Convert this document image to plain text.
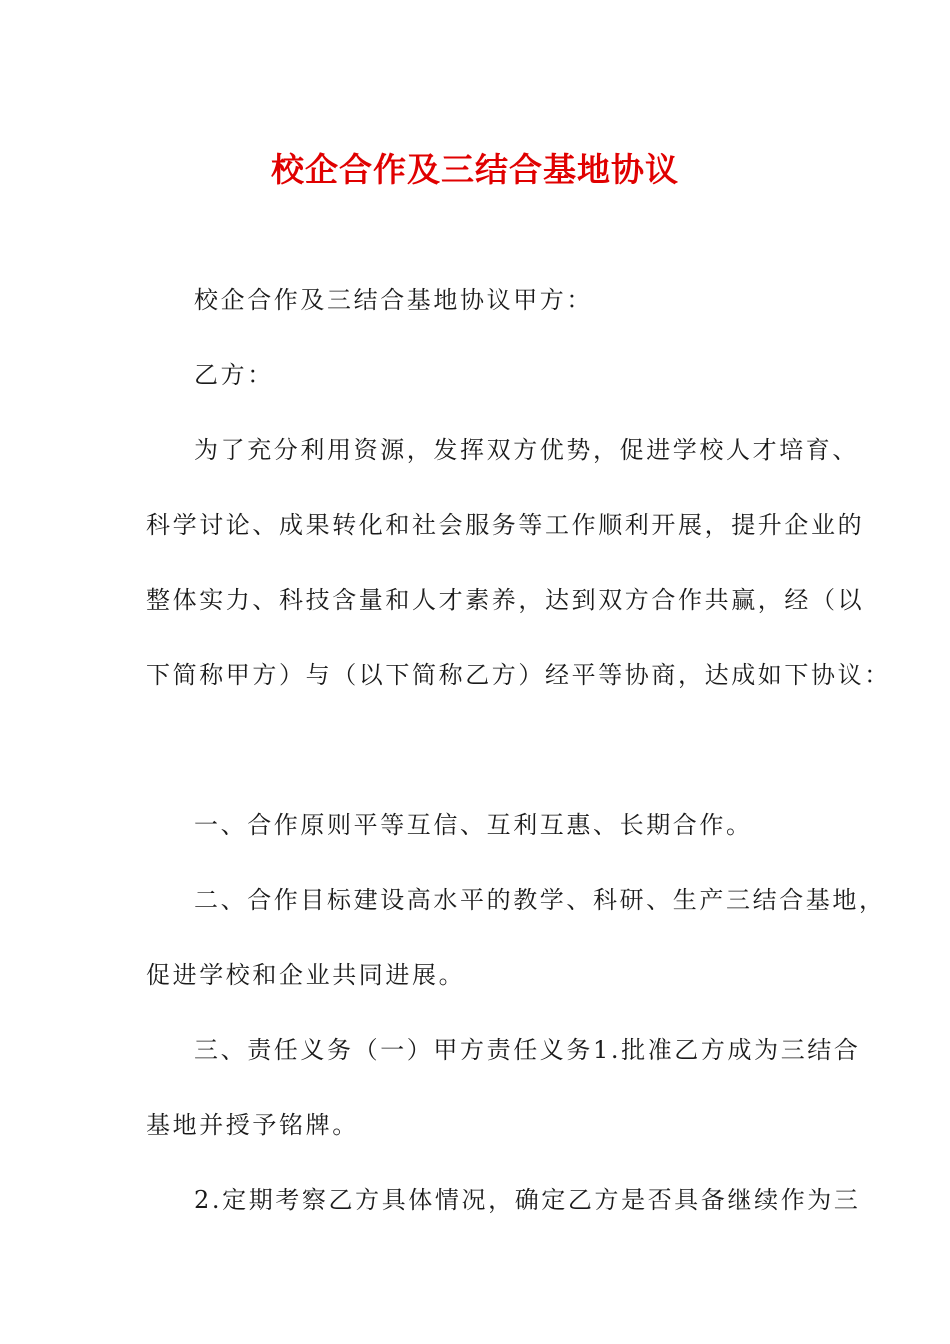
校企合作及三结合基地协议
校企合作及三结合基地协议甲方：
乙方：
为了充分利用资源，发挥双方优势，促进学校人才培育、
科学讨论、成果转化和社会服务等工作顺利开展，提升企业的
整体实力、科技含量和人才素养，达到双方合作共赢，经（以
下简称甲方）与（以下简称乙方）经平等协商，达成如下协议：
一、合作原则平等互信、互利互惠、长期合作。
二、合作目标建设高水平的教学、科研、生产三结合基地，
促进学校和企业共同进展。
三、责任义务（一）甲方责任义务1.批准乙方成为三结合
基地并授予铭牌。
2.定期考察乙方具体情况，确定乙方是否具备继续作为三
